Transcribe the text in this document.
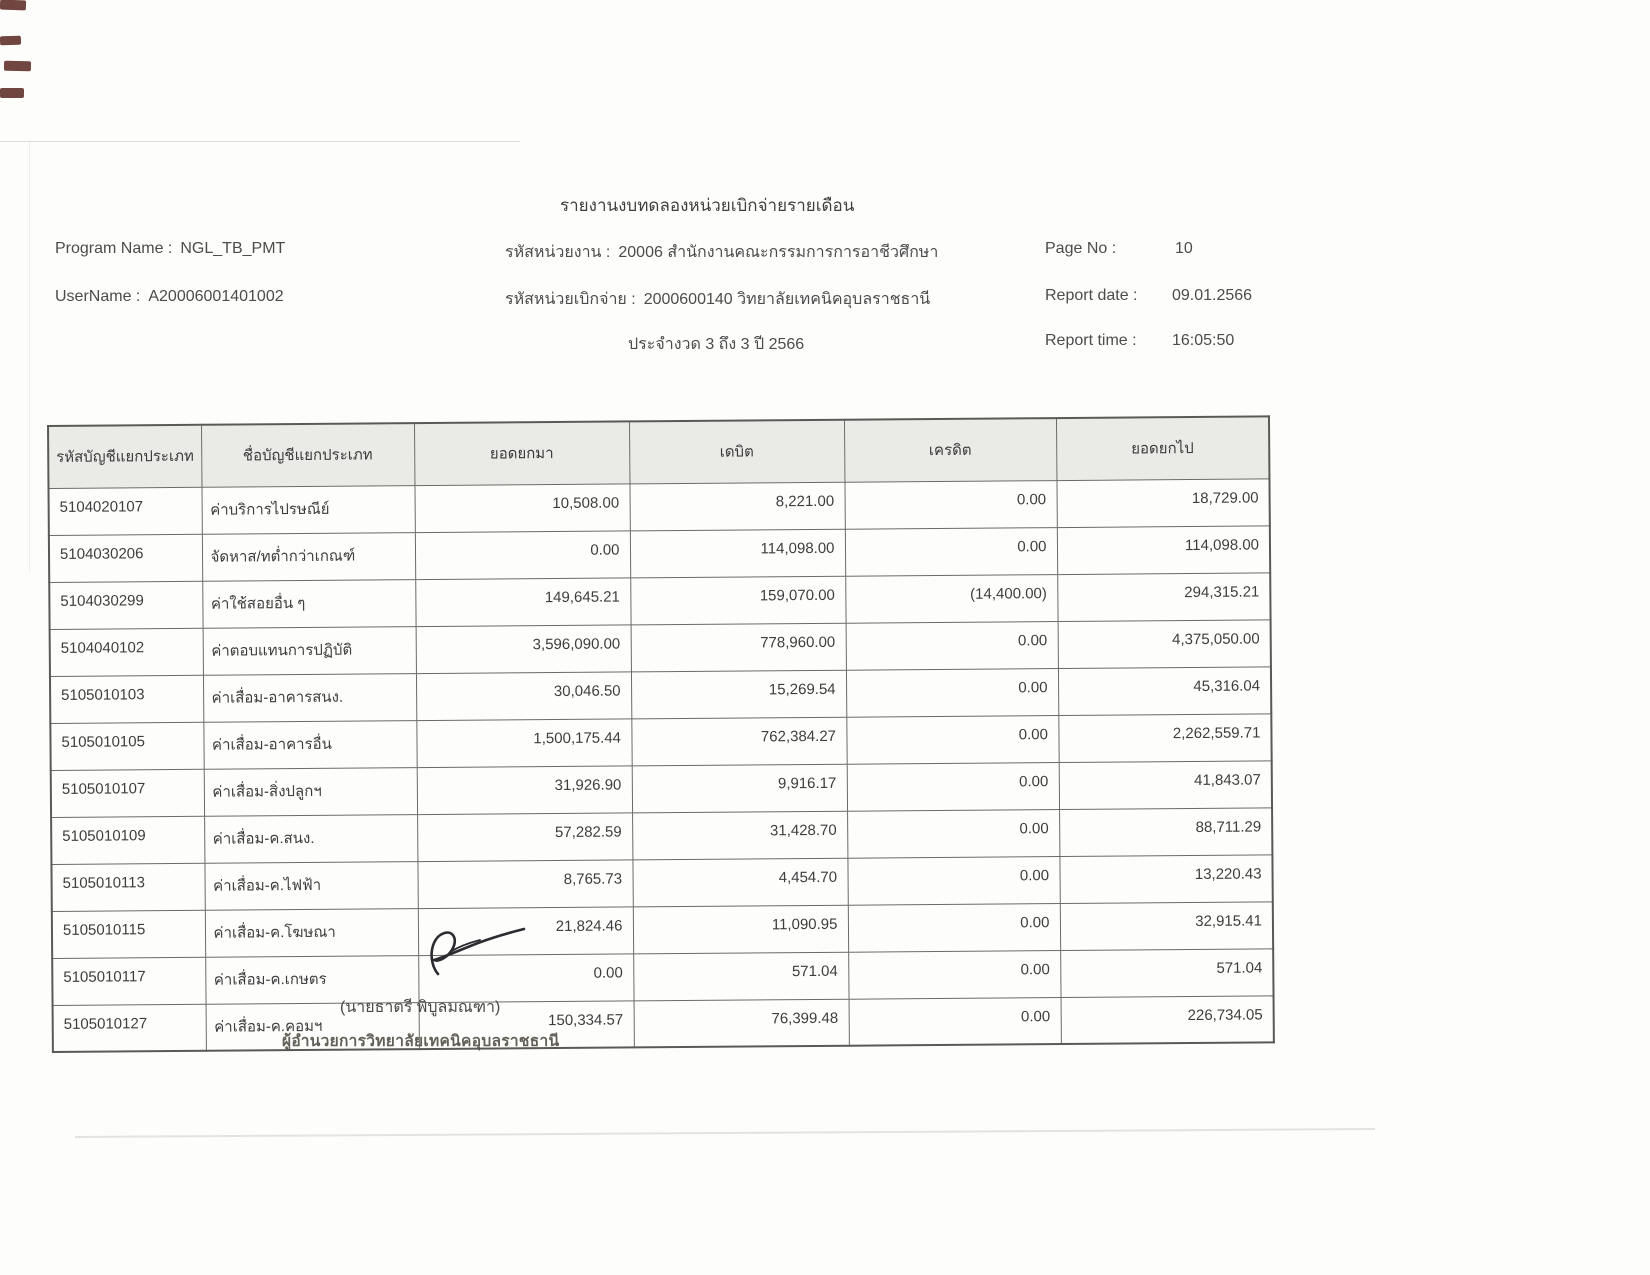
รายงานงบทดลองหน่วยเบิกจ่ายรายเดือน
Program Name : NGL_TB_PMT
UserName : A20006001401002
รหัสหน่วยงาน : 20006 สำนักงานคณะกรรมการการอาชีวศึกษา
รหัสหน่วยเบิกจ่าย : 2000600140 วิทยาลัยเทคนิคอุบลราชธานี
ประจำงวด 3 ถึง 3 ปี 2566
Page No :	10
Report date : 09.01.2566
Report time : 16:05:50
รหัสบัญชีแยกประเภท	ชื่อบัญชีแยกประเภท	ยอดยกมา	เดบิต	เครดิต	ยอดยกไป
5104020107	ค่าบริการไปรษณีย์	10,508.00	8,221.00	0.00	18,729.00
5104030206	จัดหาส/ทต่ำกว่าเกณฑ์	0.00	114,098.00	0.00	114,098.00
5104030299	ค่าใช้สอยอื่น ๆ	149,645.21	159,070.00	(14,400.00)	294,315.21
5104040102	ค่าตอบแทนการปฏิบัติ	3,596,090.00	778,960.00	0.00	4,375,050.00
5105010103	ค่าเสื่อม-อาคารสนง.	30,046.50	15,269.54	0.00	45,316.04
5105010105	ค่าเสื่อม-อาคารอื่น	1,500,175.44	762,384.27	0.00	2,262,559.71
5105010107	ค่าเสื่อม-สิ่งปลูกฯ	31,926.90	9,916.17	0.00	41,843.07
5105010109	ค่าเสื่อม-ค.สนง.	57,282.59	31,428.70	0.00	88,711.29
5105010113	ค่าเสื่อม-ค.ไฟฟ้า	8,765.73	4,454.70	0.00	13,220.43
5105010115	ค่าเสื่อม-ค.โฆษณา	21,824.46	11,090.95	0.00	32,915.41
5105010117	ค่าเสื่อม-ค.เกษตร	0.00	571.04	0.00	571.04
5105010127	ค่าเสื่อม-ค.คอมฯ	150,334.57	76,399.48	0.00	226,734.05
(นายธาตรี พิบูลมณฑา)
ผู้อำนวยการวิทยาลัยเทคนิคอุบลราชธานี
